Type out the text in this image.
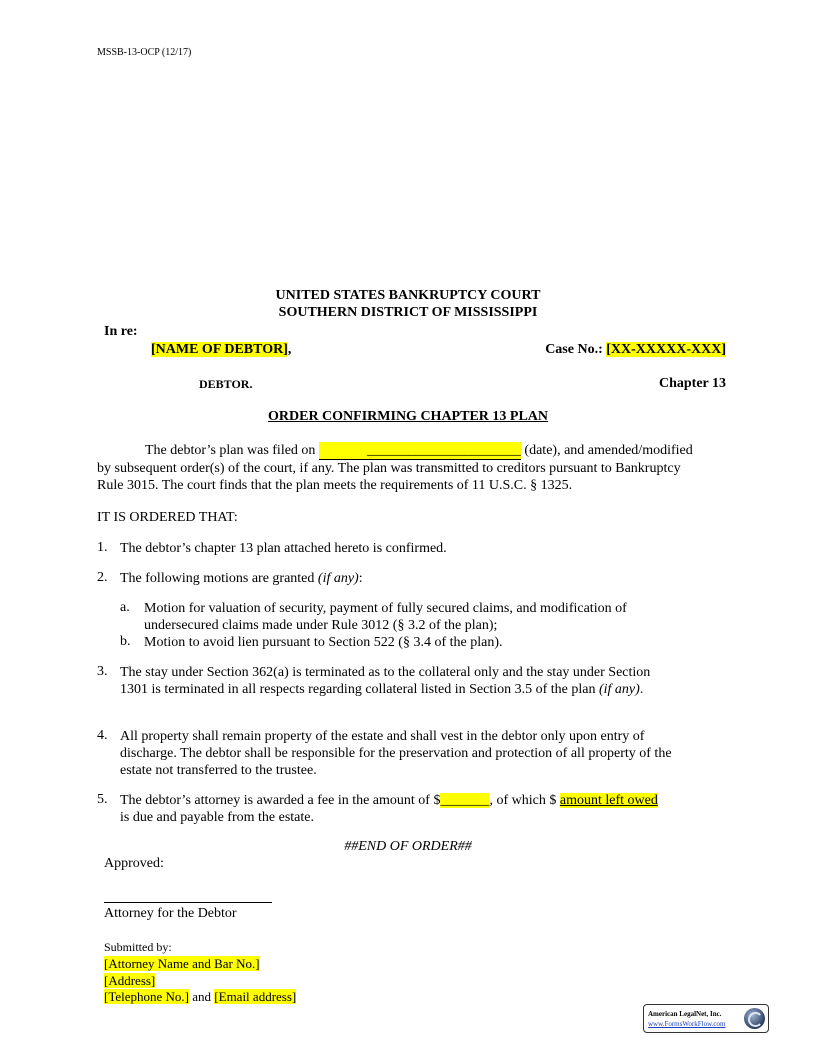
MSSB-13-OCP (12/17)
UNITED STATES BANKRUPTCY COURT
SOUTHERN DISTRICT OF MISSISSIPPI
In re:
[NAME OF DEBTOR],	Case No.: [XX-XXXXX-XXX]
DEBTOR.	Chapter 13
ORDER CONFIRMING CHAPTER 13 PLAN
The debtor’s plan was filed on	______________________ (date), and amended/modified by subsequent order(s) of the court, if any. The plan was transmitted to creditors pursuant to Bankruptcy Rule 3015. The court finds that the plan meets the requirements of 11 U.S.C. § 1325.
IT IS ORDERED THAT:
1. The debtor’s chapter 13 plan attached hereto is confirmed.
2. The following motions are granted (if any):
a. Motion for valuation of security, payment of fully secured claims, and modification of undersecured claims made under Rule 3012 (§ 3.2 of the plan);
b. Motion to avoid lien pursuant to Section 522 (§ 3.4 of the plan).
3. The stay under Section 362(a) is terminated as to the collateral only and the stay under Section 1301 is terminated in all respects regarding collateral listed in Section 3.5 of the plan (if any).
4. All property shall remain property of the estate and shall vest in the debtor only upon entry of discharge. The debtor shall be responsible for the preservation and protection of all property of the estate not transferred to the trustee.
5. The debtor’s attorney is awarded a fee in the amount of $_______, of which $ amount left owed is due and payable from the estate.
##END OF ORDER##
Approved:
Attorney for the Debtor
Submitted by:
[Attorney Name and Bar No.]
[Address]
[Telephone No.] and [Email address]
American LegalNet, Inc.
www.FormsWorkFlow.com
